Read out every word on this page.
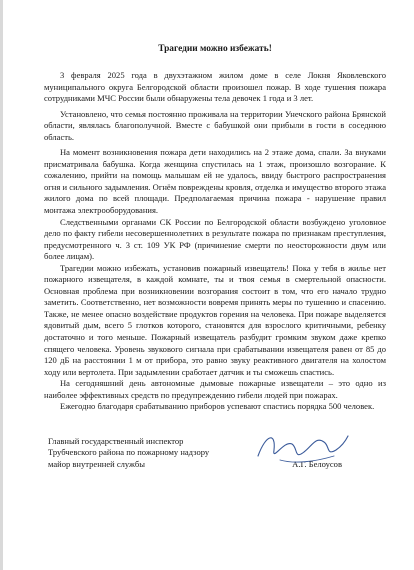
Трагедии можно избежать!

3 февраля 2025 года в двухэтажном жилом доме в селе Локня Яковлевского муниципального округа Белгородской области произошел пожар. В ходе тушения пожара сотрудниками МЧС России были обнаружены тела девочек 1 года и 3 лет.

Установлено, что семья постоянно проживала на территории Унечского района Брянской области, являлась благополучной. Вместе с бабушкой они прибыли в гости в соседнюю область.

На момент возникновения пожара дети находились на 2 этаже дома, спали. За внуками присматривала бабушка. Когда женщина спустилась на 1 этаж, произошло возгорание. К сожалению, прийти на помощь малышам ей не удалось, ввиду быстрого распространения огня и сильного задымления. Огнём повреждены кровля, отделка и имущество второго этажа жилого дома по всей площади. Предполагаемая причина пожара - нарушение правил монтажа электрооборудования.

Следственными органами СК России по Белгородской области возбуждено уголовное дело по факту гибели несовершеннолетних в результате пожара по признакам преступления, предусмотренного ч. 3 ст. 109 УК РФ (причинение смерти по неосторожности двум или более лицам).

Трагедии можно избежать, установив пожарный извещатель! Пока у тебя в жилье нет пожарного извещателя, в каждой комнате, ты и твоя семья в смертельной опасности. Основная проблема при возникновении возгорания состоит в том, что его начало трудно заметить. Соответственно, нет возможности вовремя принять меры по тушению и спасению. Также, не менее опасно воздействие продуктов горения на человека. При пожаре выделяется ядовитый дым, всего 5 глотков которого, становятся для взрослого критичными, ребенку достаточно и того меньше. Пожарный извещатель разбудит громким звуком даже крепко спящего человека. Уровень звукового сигнала при срабатывании извещателя равен от 85 до 120 дБ на расстоянии 1 м от прибора, это равно звуку реактивного двигателя на холостом ходу или вертолета. При задымлении сработает датчик и ты сможешь спастись.

На сегодняшний день автономные дымовые пожарные извещатели – это одно из наиболее эффективных средств по предупреждению гибели людей при пожарах.

Ежегодно благодаря срабатыванию приборов успевают спастись порядка 500 человек.

Главный государственный инспектор
Трубчевского района по пожарному надзору
майор внутренней службы	А.Г. Белоусов
